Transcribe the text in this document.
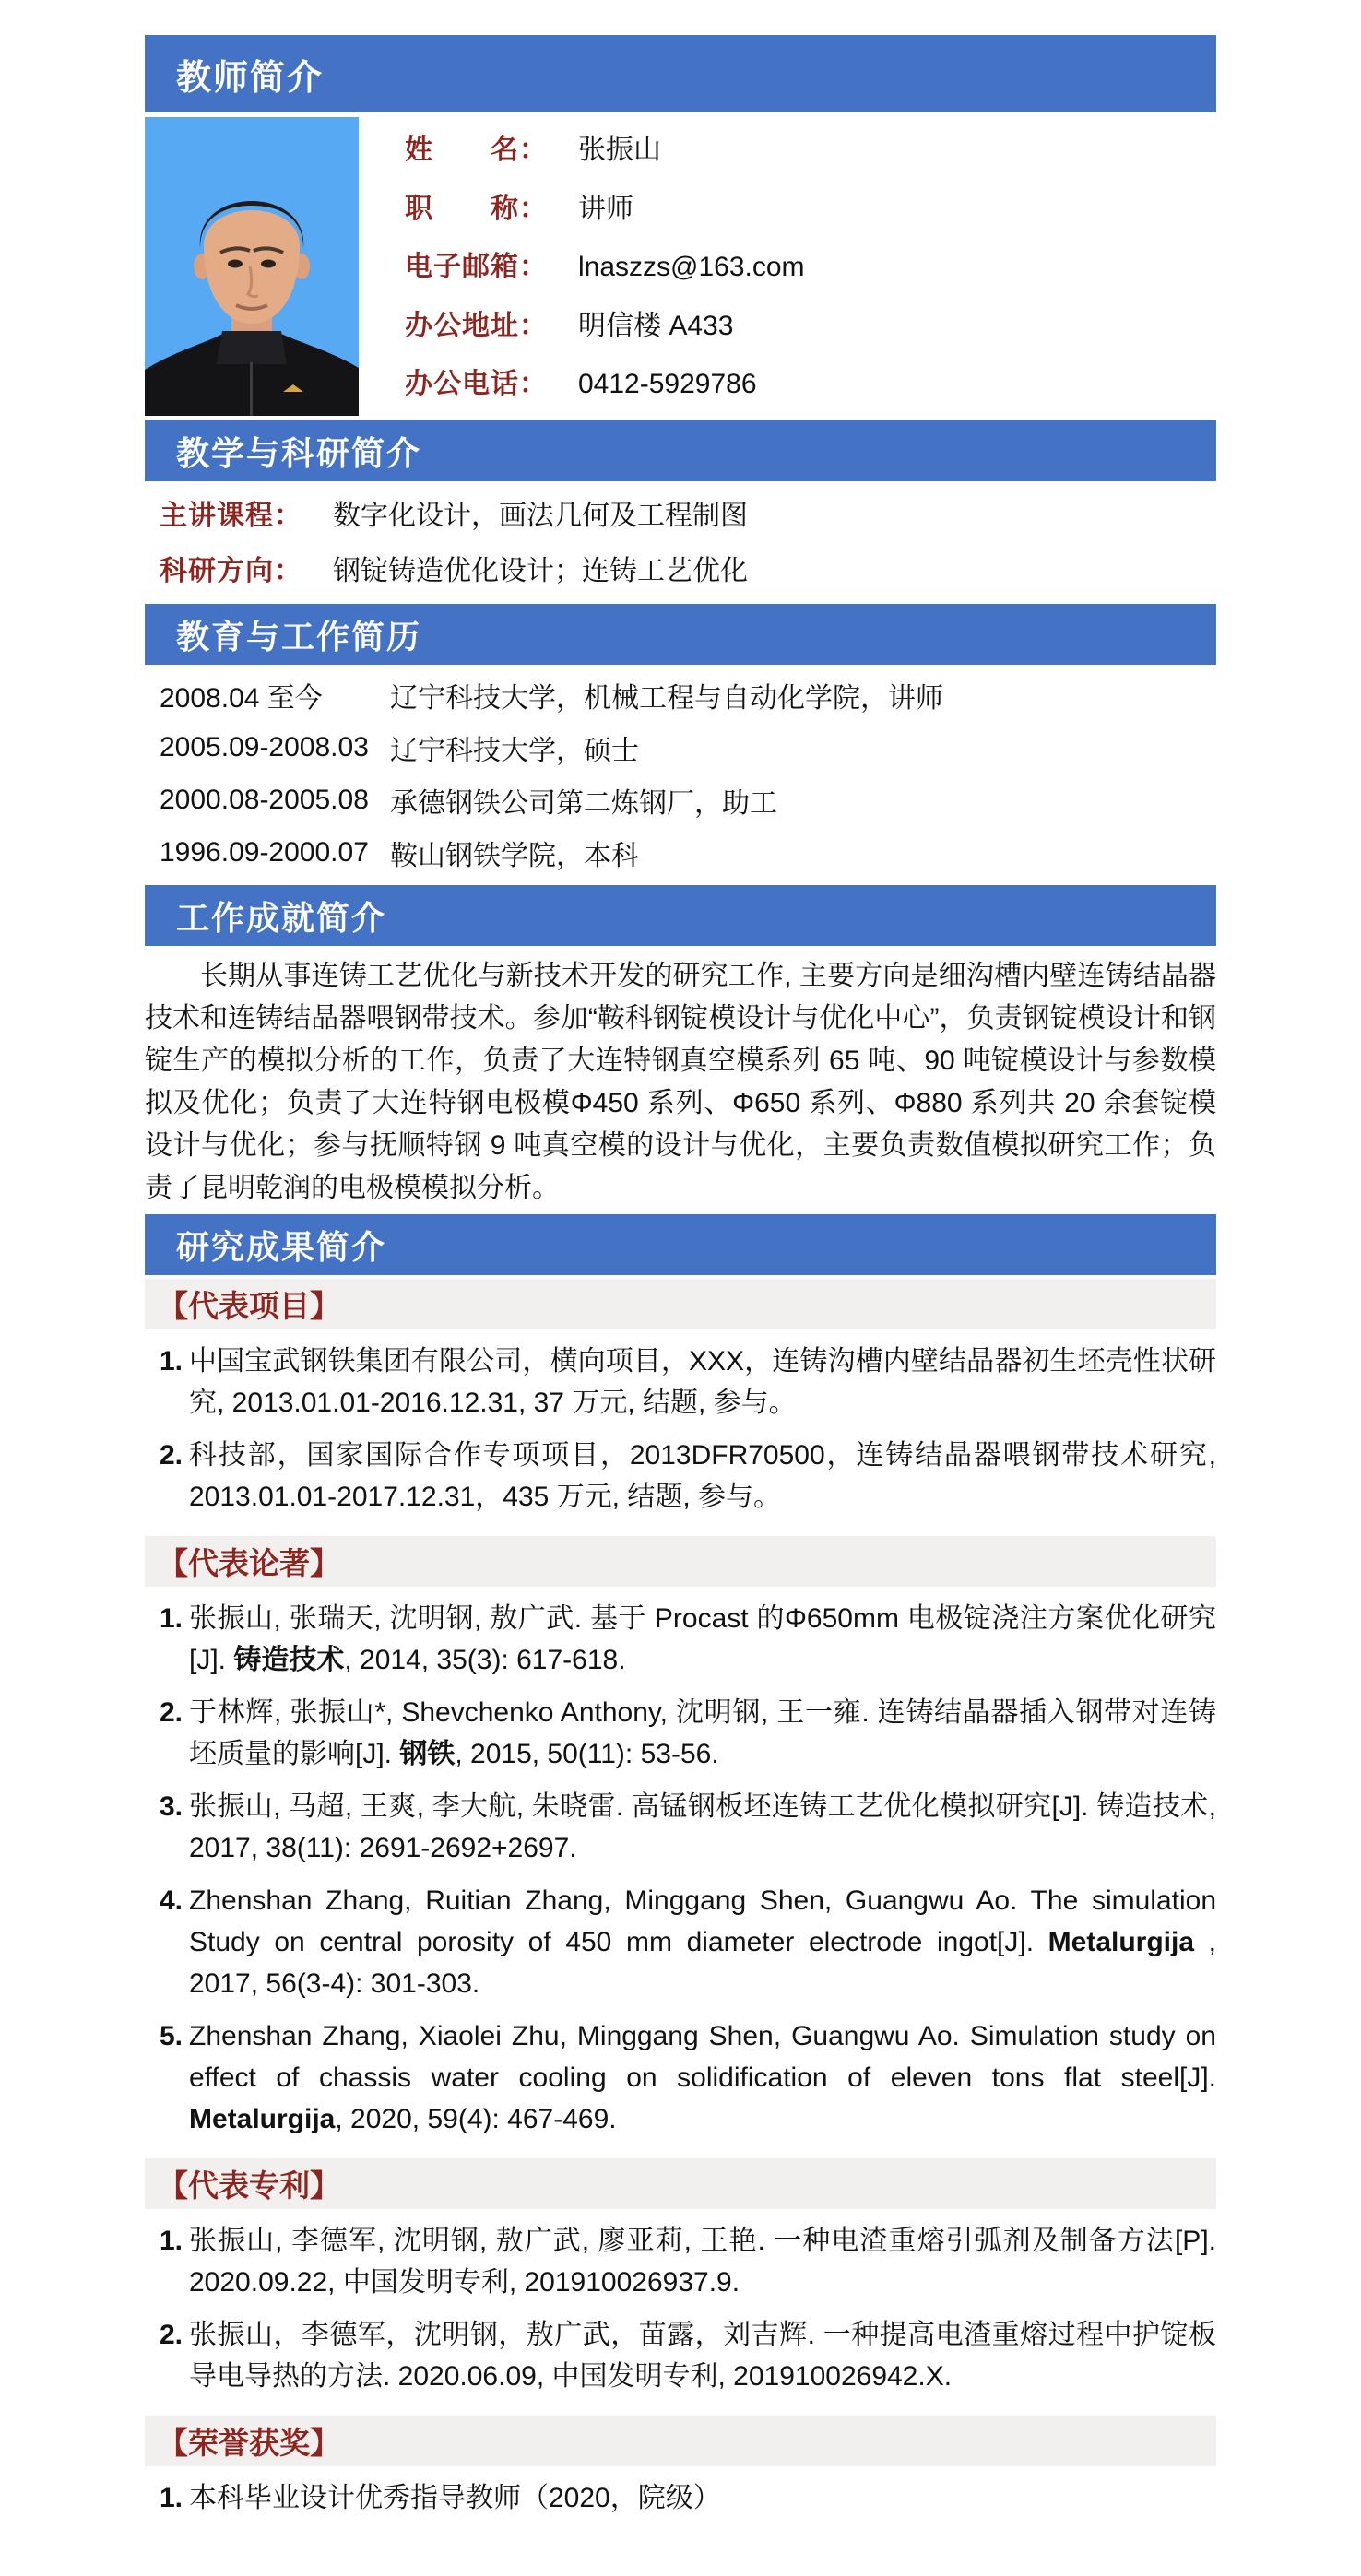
教师简介
姓　　名：	张振山
职　　称：	讲师
电子邮箱：	lnaszzs@163.com
办公地址：	明信楼 A433
办公电话：	0412-5929786
教学与科研简介
主讲课程：	数字化设计，画法几何及工程制图
科研方向：	钢锭铸造优化设计；连铸工艺优化
教育与工作简历
2008.04 至今	辽宁科技大学，机械工程与自动化学院，讲师
2005.09-2008.03 辽宁科技大学，硕士
2000.08-2005.08 承德钢铁公司第二炼钢厂，助工
1996.09-2000.07 鞍山钢铁学院，本科
工作成就简介

长期从事连铸工艺优化与新技术开发的研究工作, 主要方向是细沟槽内壁连铸结晶器技术和连铸结晶器喂钢带技术。参加“鞍科钢锭模设计与优化中心”，负责钢锭模设计和钢锭生产的模拟分析的工作，负责了大连特钢真空模系列 65 吨、90 吨锭模设计与参数模拟及优化；负责了大连特钢电极模Φ450 系列、Φ650 系列、Φ880 系列共 20 余套锭模设计与优化；参与抚顺特钢 9 吨真空模的设计与优化，主要负责数值模拟研究工作；负责了昆明乾润的电极模模拟分析。

研究成果简介
【代表项目】
1. 中国宝武钢铁集团有限公司，横向项目，XXX，连铸沟槽内壁结晶器初生坯壳性状研究, 2013.01.01-2016.12.31, 37 万元, 结题, 参与。
2. 科技部，国家国际合作专项项目，2013DFR70500，连铸结晶器喂钢带技术研究, 2013.01.01-2017.12.31，435 万元, 结题, 参与。
【代表论著】
1. 张振山, 张瑞天, 沈明钢, 敖广武. 基于 Procast 的Φ650mm 电极锭浇注方案优化研究[J]. 铸造技术, 2014, 35(3): 617-618.
2. 于林辉, 张振山*, Shevchenko Anthony, 沈明钢, 王一雍. 连铸结晶器插入钢带对连铸坯质量的影响[J]. 钢铁, 2015, 50(11): 53-56.
3. 张振山, 马超, 王爽, 李大航, 朱晓雷. 高锰钢板坯连铸工艺优化模拟研究[J]. 铸造技术, 2017, 38(11): 2691-2692+2697.
4. Zhenshan Zhang, Ruitian Zhang, Minggang Shen, Guangwu Ao. The simulation Study on central porosity of 450 mm diameter electrode ingot[J]. Metalurgija , 2017, 56(3-4): 301-303.
5. Zhenshan Zhang, Xiaolei Zhu, Minggang Shen, Guangwu Ao. Simulation study on effect of chassis water cooling on solidification of eleven tons flat steel[J]. Metalurgija, 2020, 59(4): 467-469.
【代表专利】
1. 张振山, 李德军, 沈明钢, 敖广武, 廖亚莉, 王艳. 一种电渣重熔引弧剂及制备方法[P]. 2020.09.22, 中国发明专利, 201910026937.9.
2. 张振山，李德军，沈明钢，敖广武，苗露，刘吉辉. 一种提高电渣重熔过程中护锭板导电导热的方法. 2020.06.09, 中国发明专利, 201910026942.X.
【荣誉获奖】
1. 本科毕业设计优秀指导教师（2020，院级）
